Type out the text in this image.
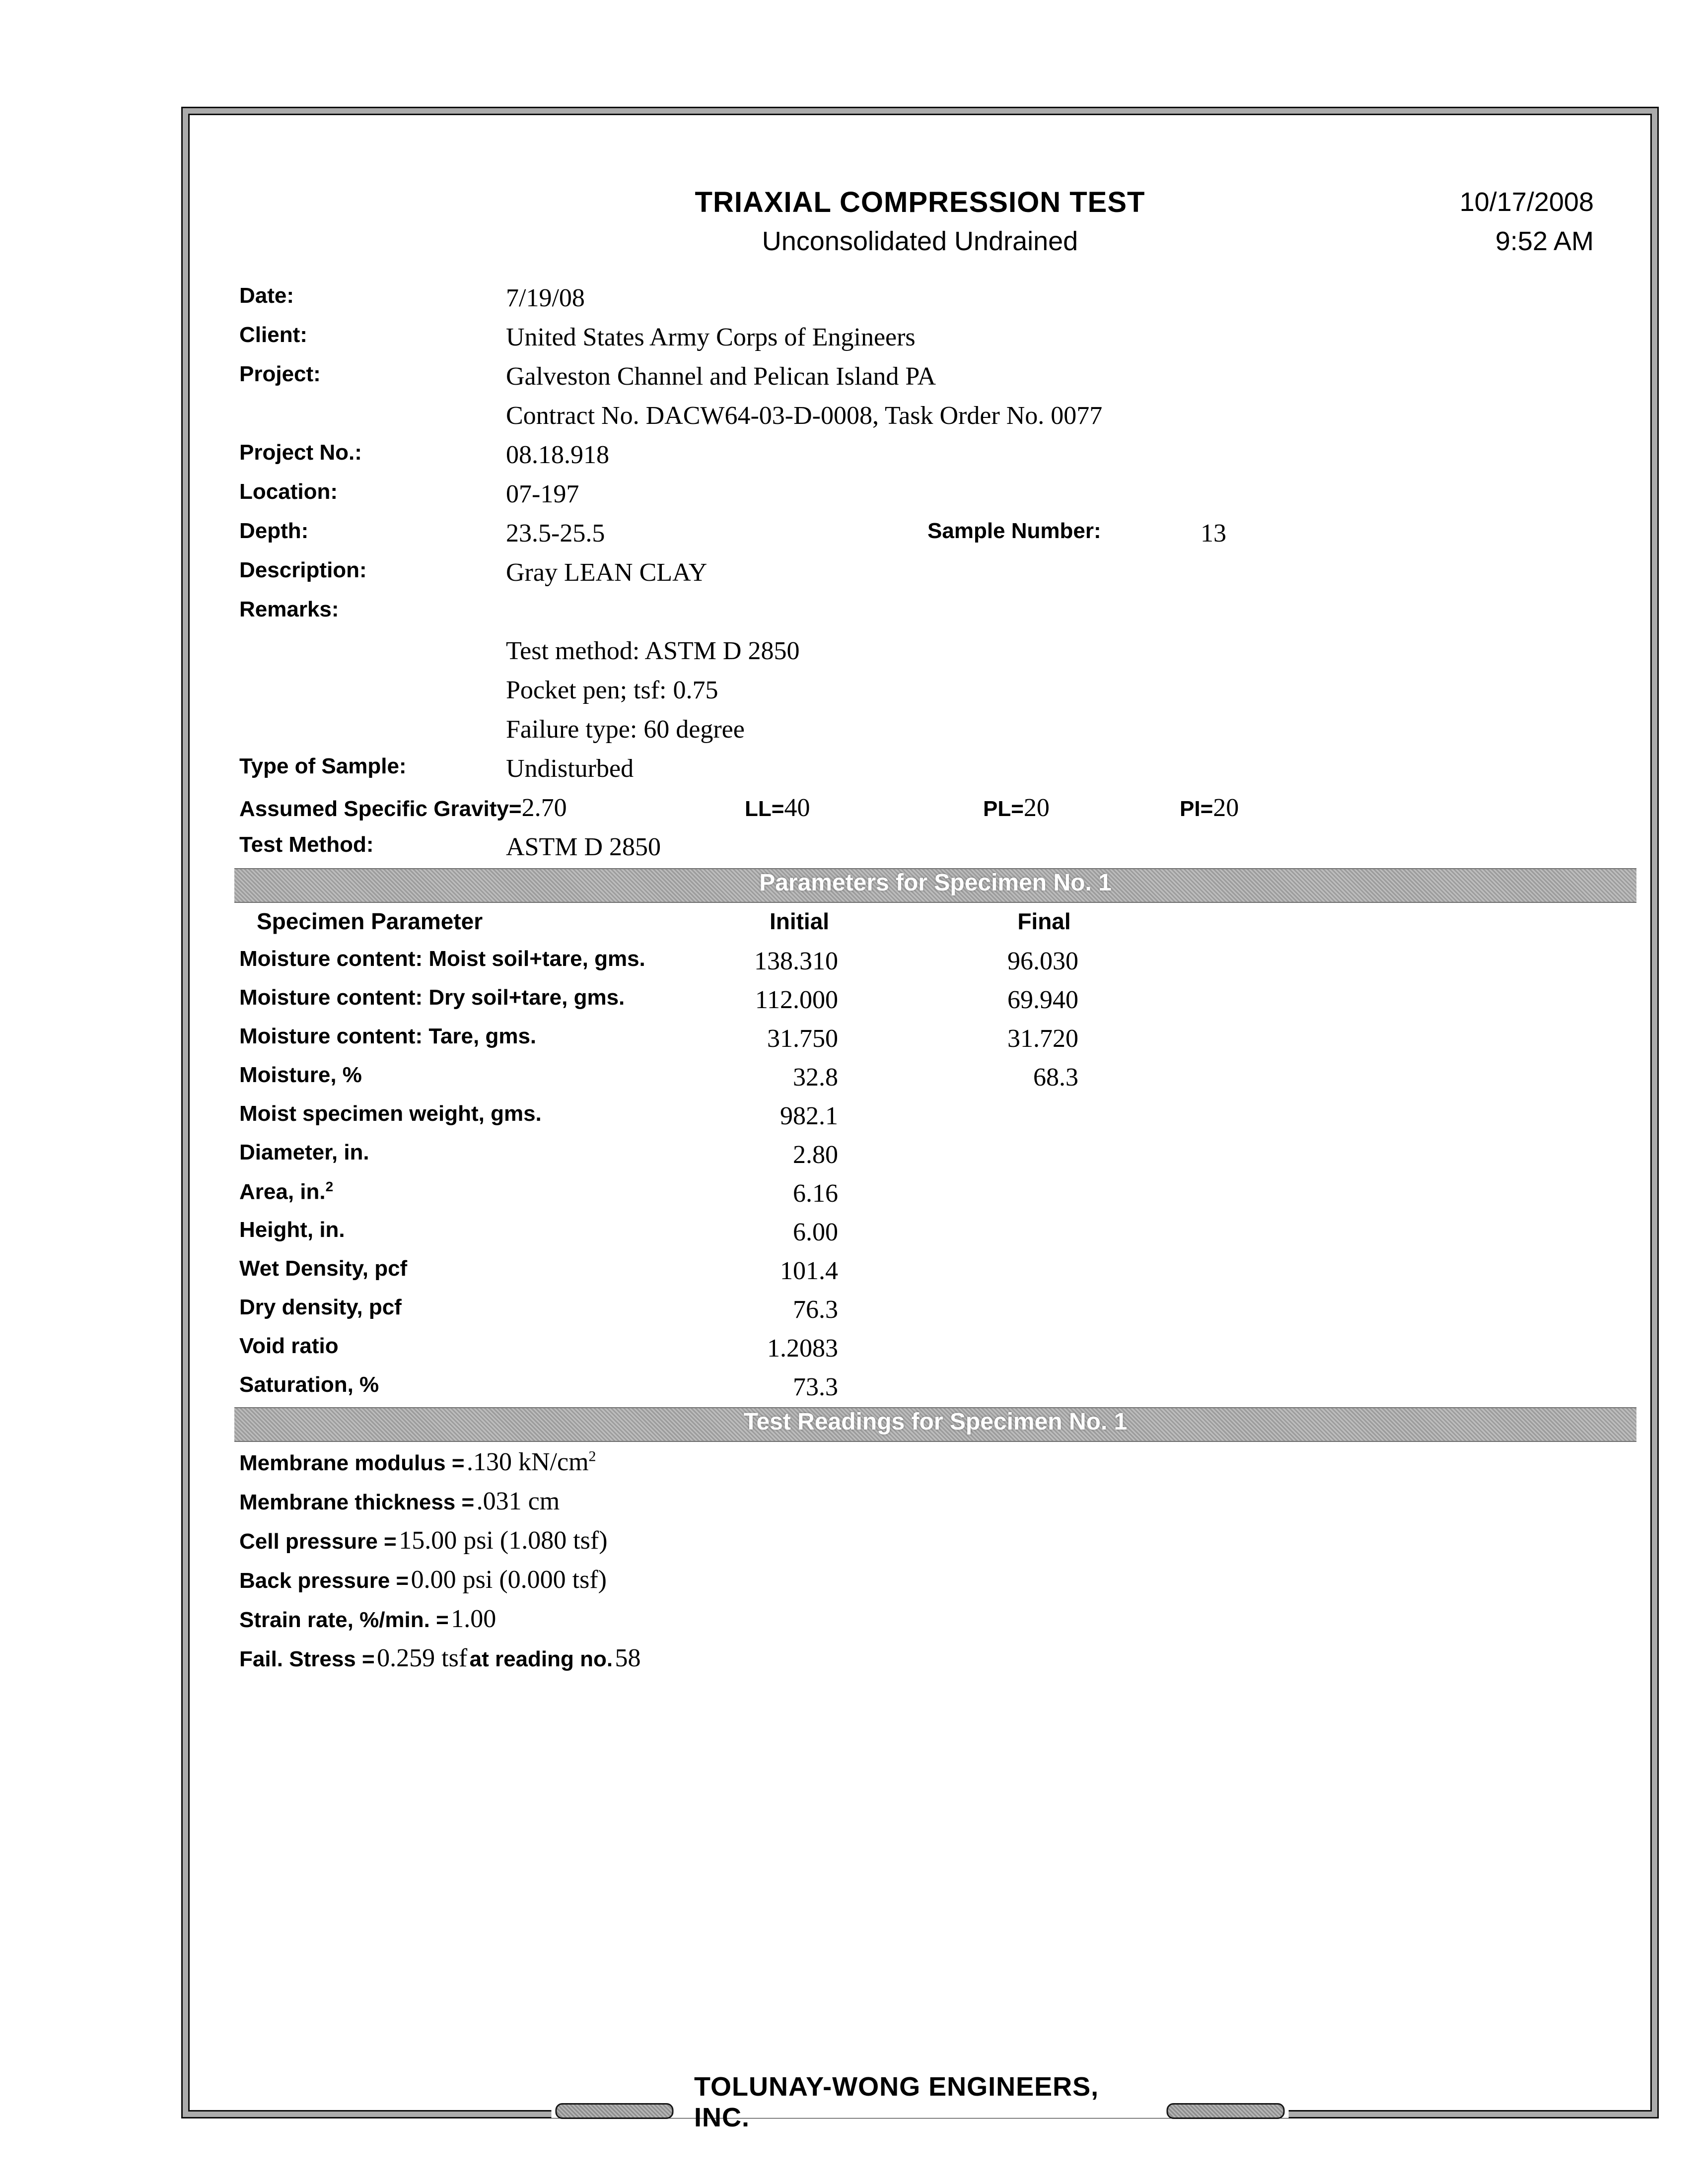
TRIAXIAL COMPRESSION TEST
Unconsolidated Undrained
10/17/2008
9:52 AM
Date:	7/19/08
Client:	United States Army Corps of Engineers
Project:	Galveston Channel and Pelican Island PA
Contract No. DACW64-03-D-0008, Task Order No. 0077
Project No.:	08.18.918
Location:	07-197
Depth:	23.5-25.5	Sample Number:	13
Description:	Gray LEAN CLAY
Remarks:
Test method: ASTM D 2850
Pocket pen; tsf: 0.75
Failure type: 60 degree
Type of Sample:	Undisturbed
Assumed Specific Gravity=2.70	LL=40	PL=20	PI=20
Test Method:	ASTM D 2850
Parameters for Specimen No. 1
Specimen Parameter	Initial	Final
Moisture content: Moist soil+tare, gms.	138.310	96.030
Moisture content: Dry soil+tare, gms.	112.000	69.940
Moisture content: Tare, gms.	31.750	31.720
Moisture, %	32.8	68.3
Moist specimen weight, gms.	982.1
Diameter, in.	2.80
Area, in.$^2$	6.16
Height, in.	6.00
Wet Density, pcf	101.4
Dry density, pcf	76.3
Void ratio	1.2083
Saturation, %	73.3
Test Readings for Specimen No. 1
Membrane modulus = .130 $kN/cm^2$
Membrane thickness = .031 cm
Cell pressure = 15.00 psi (1.080 tsf)
Back pressure = 0.00 psi (0.000 tsf)
Strain rate, %/min. = 1.00
Fail. Stress = 0.259 tsf at reading no. 58
TOLUNAY-WONG ENGINEERS, INC.
